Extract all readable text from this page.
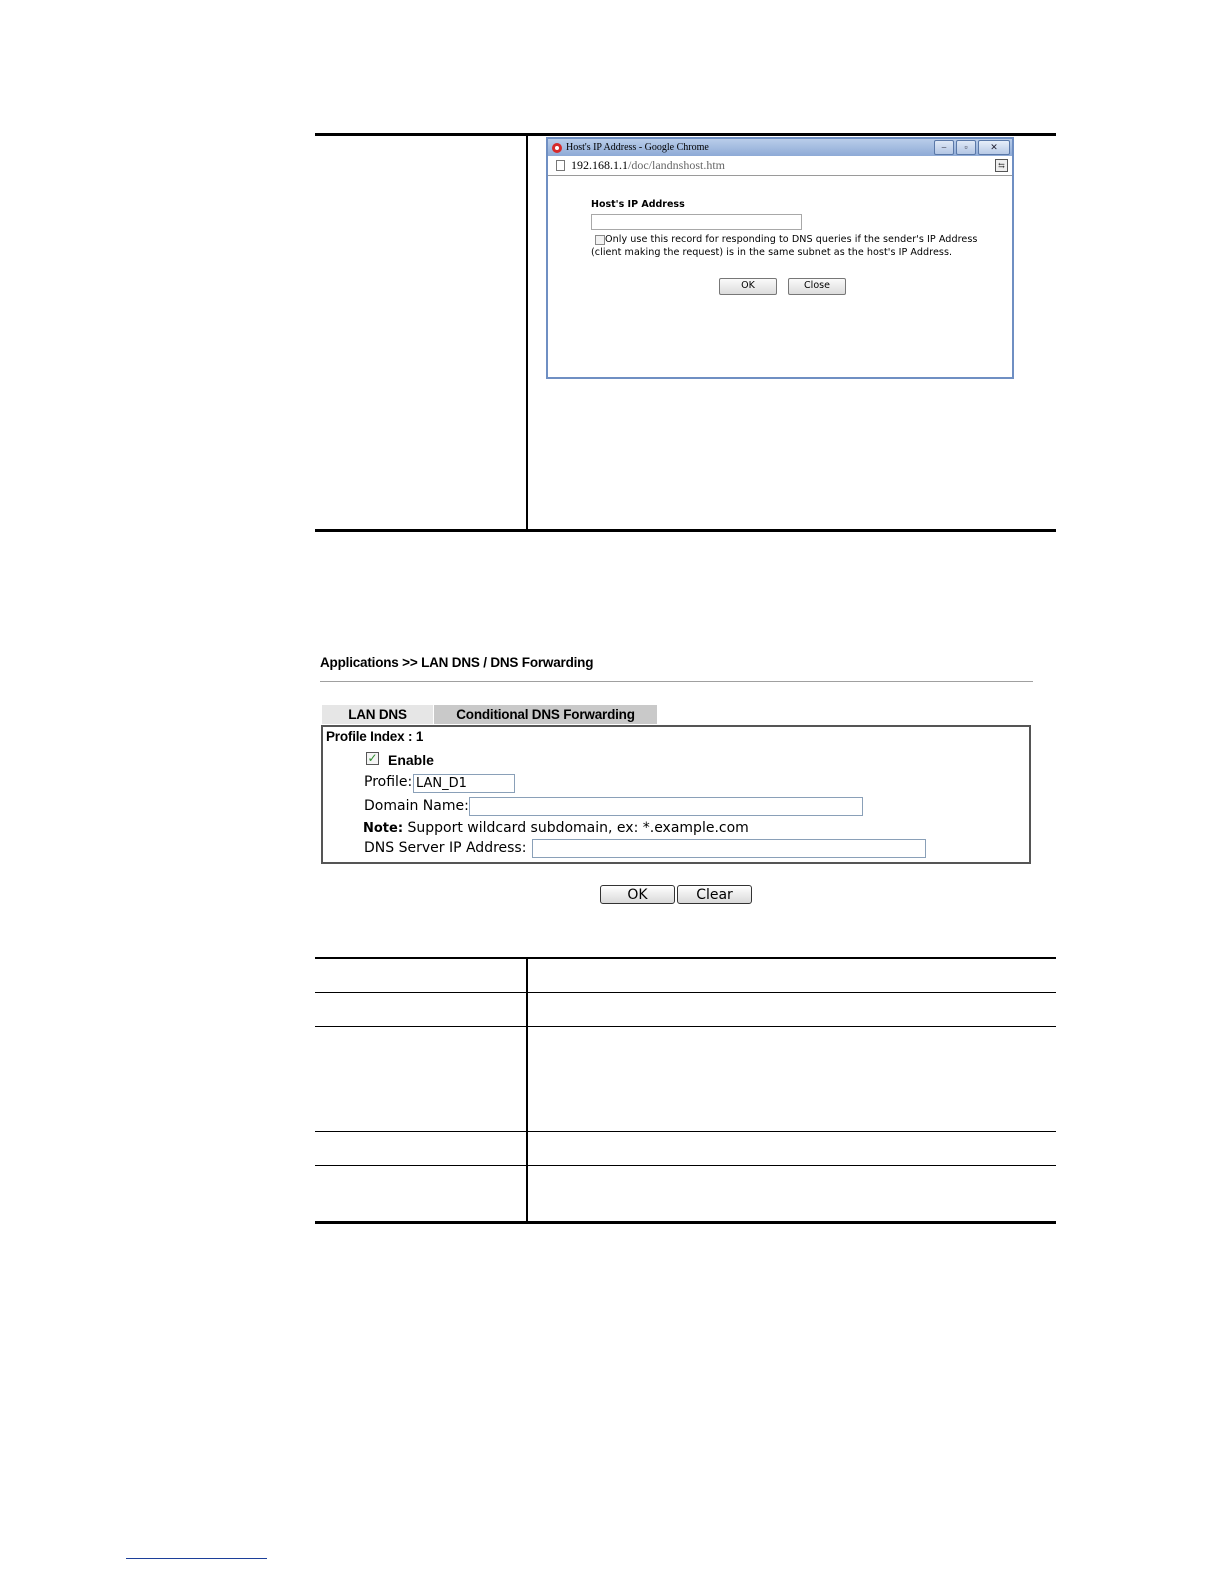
Host's IP Address - Google Chrome	–	▫	✕
192.168.1.1 /doc/landnshost.htm	⇆
Host's IP Address
Only use this record for responding to DNS queries if the sender's IP Address (client making the request) is in the same subnet as the host's IP Address.
OK	Close
Applications >> LAN DNS / DNS Forwarding
LAN DNS	Conditional DNS Forwarding
Profile Index : 1
✓ Enable
Profile: LAN_D1
Domain Name:
Note: Support wildcard subdomain, ex: *.example.com
DNS Server IP Address:
OK	Clear
